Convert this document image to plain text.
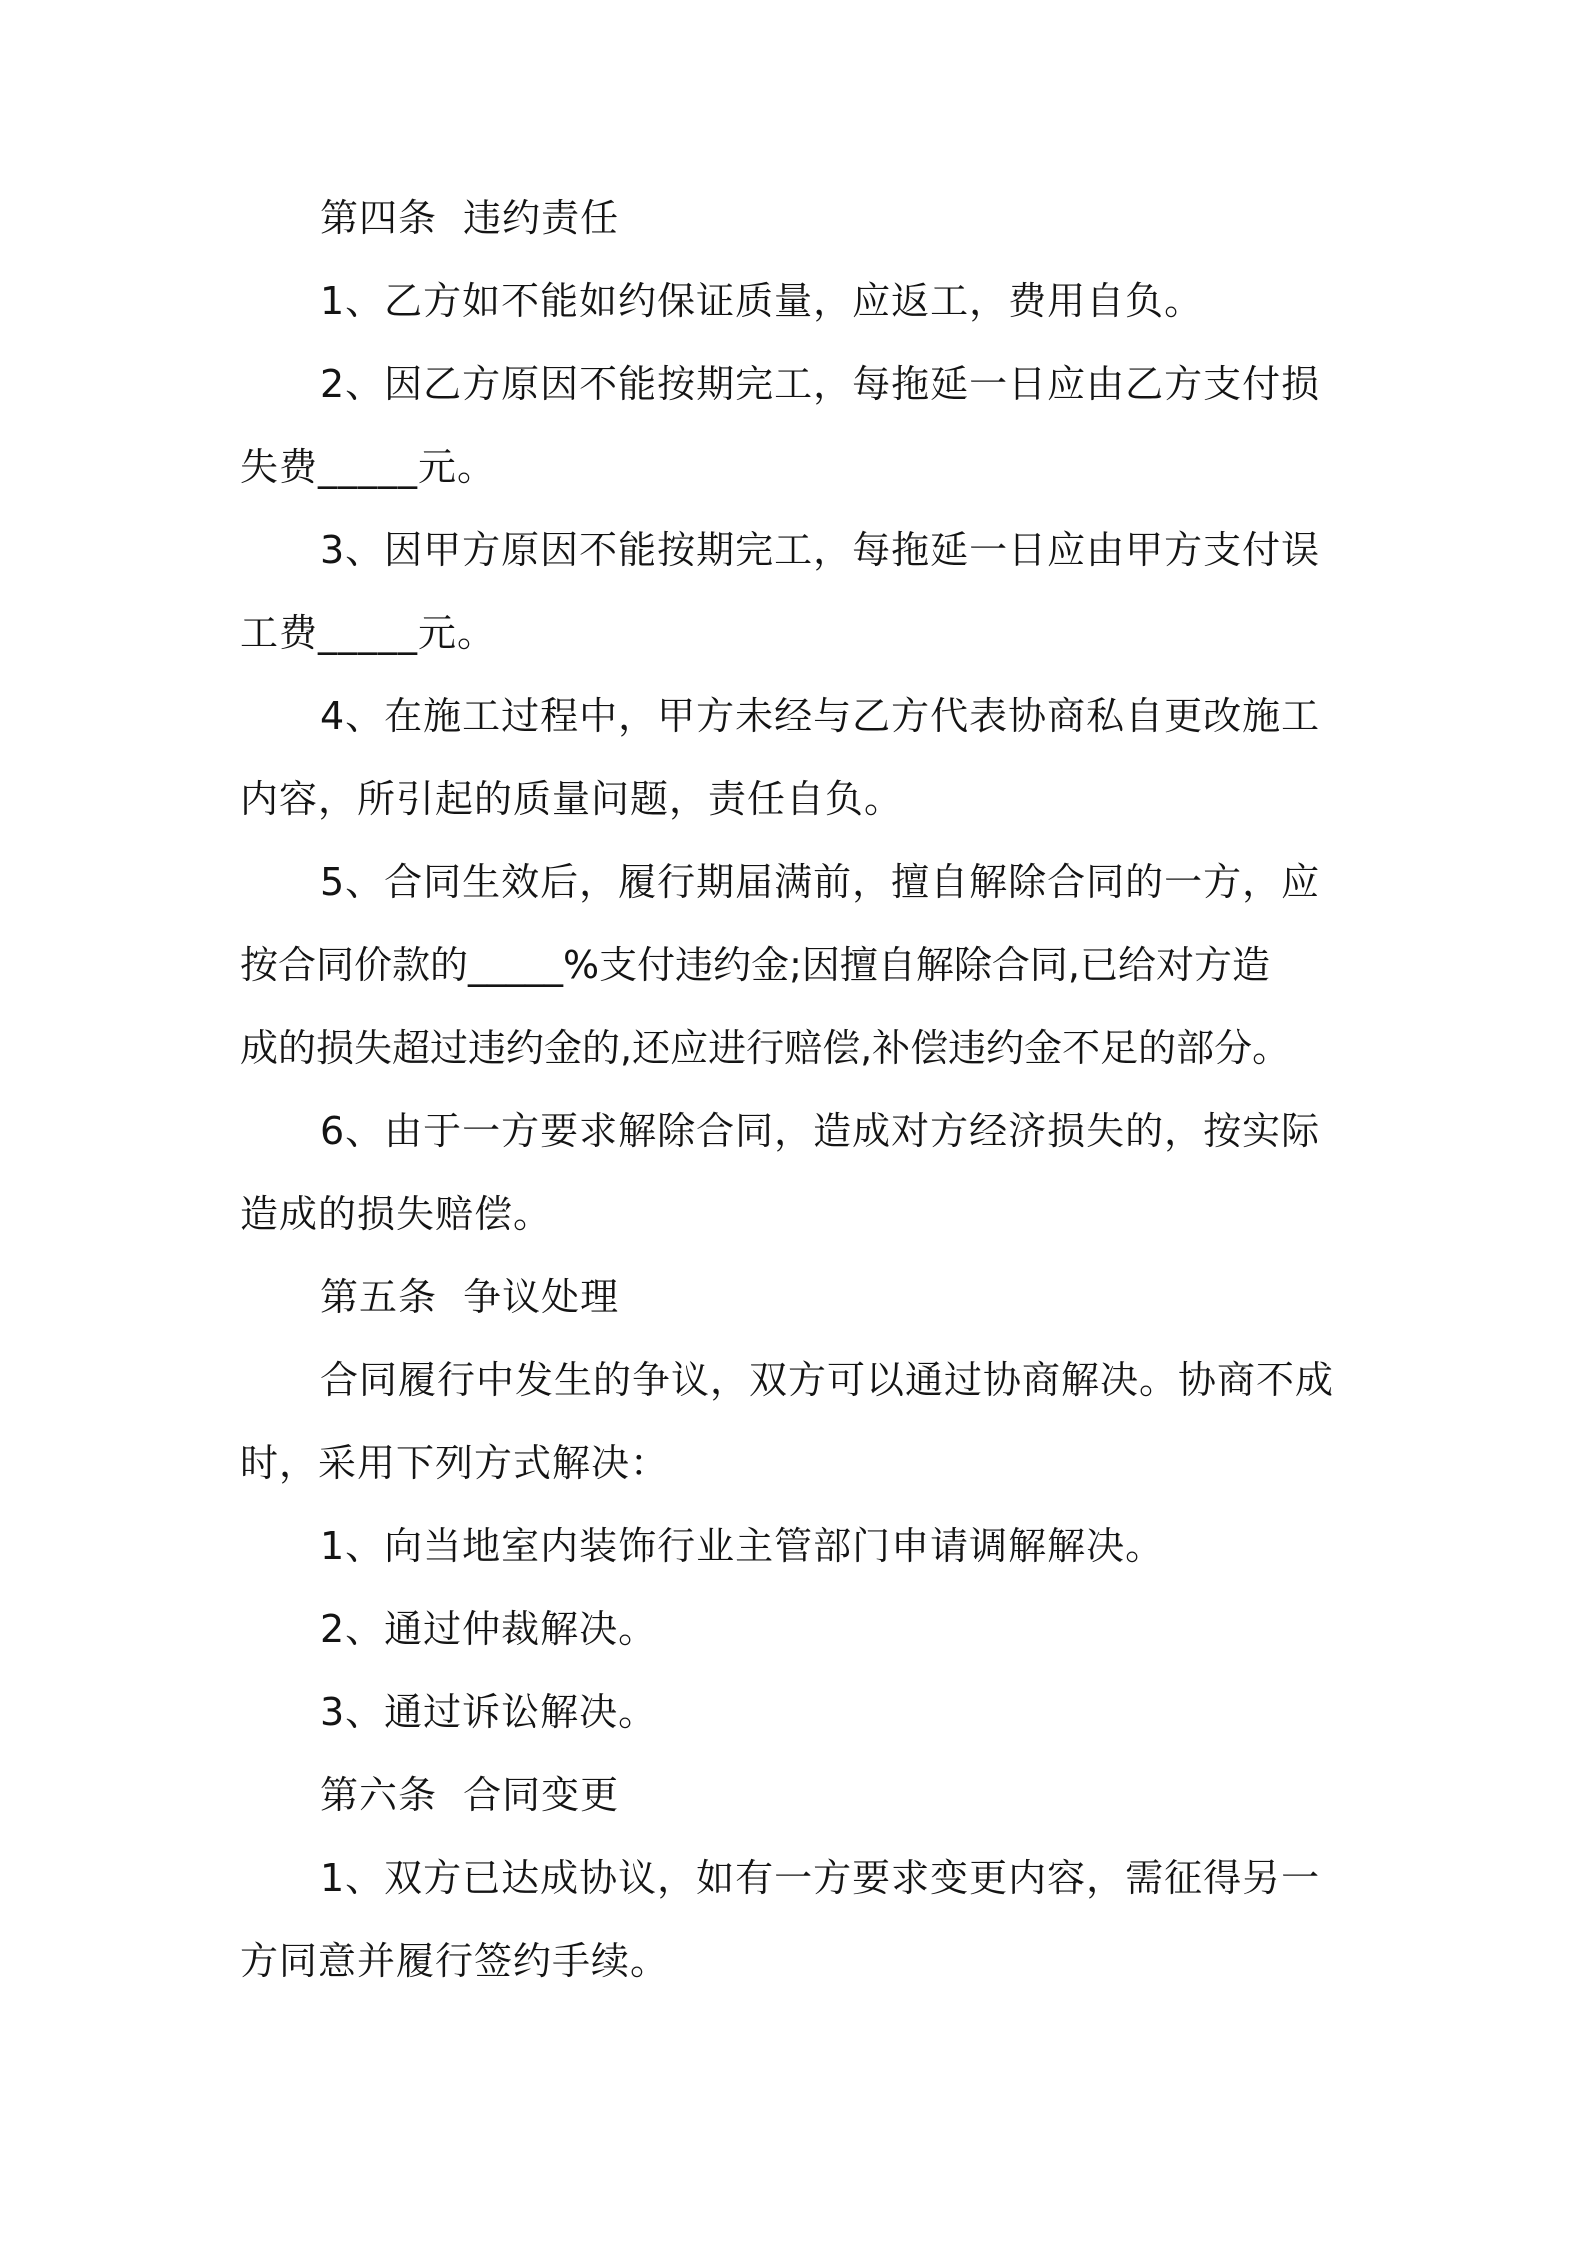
第四条  违约责任
1、乙方如不能如约保证质量，应返工，费用自负。
2、因乙方原因不能按期完工，每拖延一日应由乙方支付损
失费_____元。
3、因甲方原因不能按期完工，每拖延一日应由甲方支付误
工费_____元。
4、在施工过程中，甲方未经与乙方代表协商私自更改施工
内容，所引起的质量问题，责任自负。
5、合同生效后，履行期届满前，擅自解除合同的一方，应
按合同价款的_____%支付违约金;因擅自解除合同,已给对方造
成的损失超过违约金的,还应进行赔偿,补偿违约金不足的部分。
6、由于一方要求解除合同，造成对方经济损失的，按实际
造成的损失赔偿。
第五条  争议处理
合同履行中发生的争议，双方可以通过协商解决。协商不成
时，采用下列方式解决：
1、向当地室内装饰行业主管部门申请调解解决。
2、通过仲裁解决。
3、通过诉讼解决。
第六条  合同变更
1、双方已达成协议，如有一方要求变更内容，需征得另一
方同意并履行签约手续。
